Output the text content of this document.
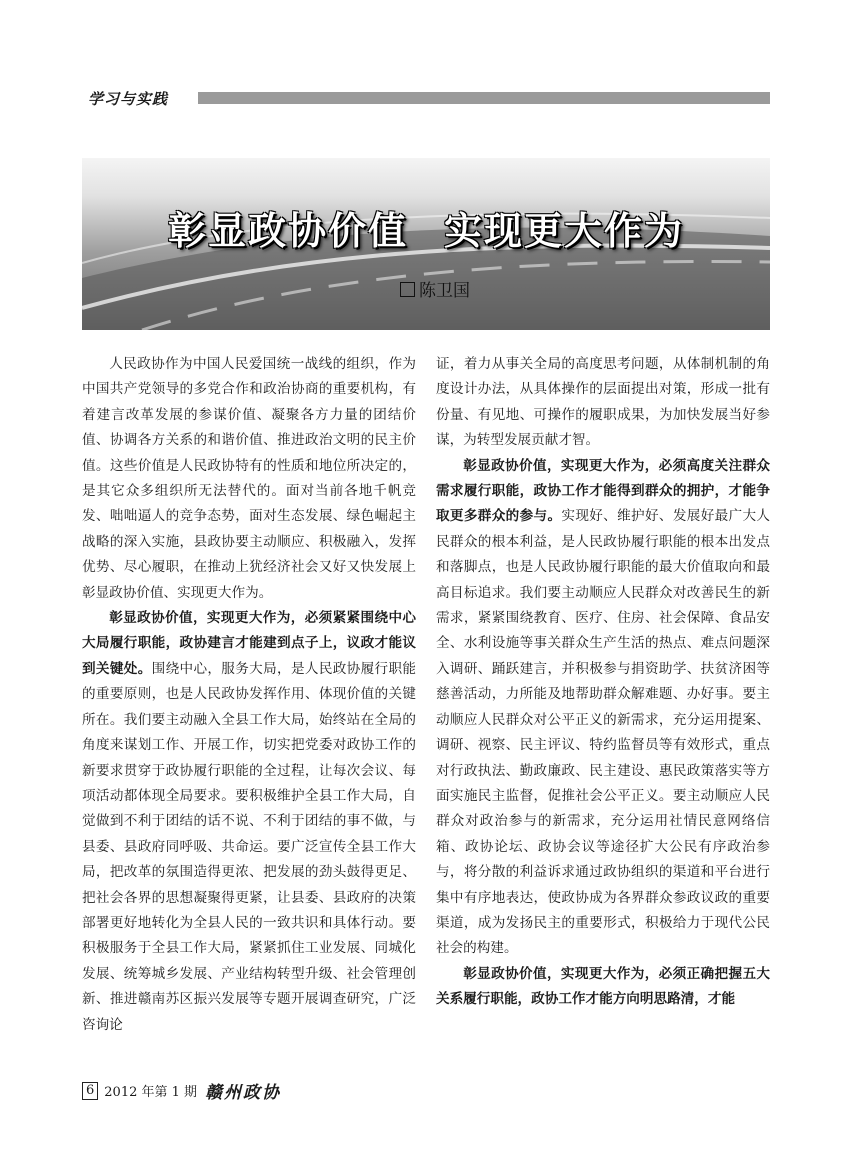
学习与实践
彰显政协价值 实现更大作为
陈卫国

人民政协作为中国人民爱国统一战线的组织，作为中国共产党领导的多党合作和政治协商的重要机构，有着建言改革发展的参谋价值、凝聚各方力量的团结价值、协调各方关系的和谐价值、推进政治文明的民主价值。这些价值是人民政协特有的性质和地位所决定的，是其它众多组织所无法替代的。面对当前各地千帆竞发、咄咄逼人的竞争态势，面对生态发展、绿色崛起主战略的深入实施，县政协要主动顺应、积极融入，发挥优势、尽心履职，在推动上犹经济社会又好又快发展上彰显政协价值、实现更大作为。

彰显政协价值，实现更大作为，必须紧紧围绕中心大局履行职能，政协建言才能建到点子上，议政才能议到关键处。围绕中心，服务大局，是人民政协履行职能的重要原则，也是人民政协发挥作用、体现价值的关键所在。我们要主动融入全县工作大局，始终站在全局的角度来谋划工作、开展工作，切实把党委对政协工作的新要求贯穿于政协履行职能的全过程，让每次会议、每项活动都体现全局要求。要积极维护全县工作大局，自觉做到不利于团结的话不说、不利于团结的事不做，与县委、县政府同呼吸、共命运。要广泛宣传全县工作大局，把改革的氛围造得更浓、把发展的劲头鼓得更足、把社会各界的思想凝聚得更紧，让县委、县政府的决策部署更好地转化为全县人民的一致共识和具体行动。要积极服务于全县工作大局，紧紧抓住工业发展、同城化发展、统筹城乡发展、产业结构转型升级、社会管理创新、推进赣南苏区振兴发展等专题开展调查研究，广泛咨询论

证，着力从事关全局的高度思考问题，从体制机制的角度设计办法，从具体操作的层面提出对策，形成一批有份量、有见地、可操作的履职成果，为加快发展当好参谋，为转型发展贡献才智。

彰显政协价值，实现更大作为，必须高度关注群众需求履行职能，政协工作才能得到群众的拥护，才能争取更多群众的参与。实现好、维护好、发展好最广大人民群众的根本利益，是人民政协履行职能的根本出发点和落脚点，也是人民政协履行职能的最大价值取向和最高目标追求。我们要主动顺应人民群众对改善民生的新需求，紧紧围绕教育、医疗、住房、社会保障、食品安全、水利设施等事关群众生产生活的热点、难点问题深入调研、踊跃建言，并积极参与捐资助学、扶贫济困等慈善活动，力所能及地帮助群众解难题、办好事。要主动顺应人民群众对公平正义的新需求，充分运用提案、调研、视察、民主评议、特约监督员等有效形式，重点对行政执法、勤政廉政、民主建设、惠民政策落实等方面实施民主监督，促推社会公平正义。要主动顺应人民群众对政治参与的新需求，充分运用社情民意网络信箱、政协论坛、政协会议等途径扩大公民有序政治参与，将分散的利益诉求通过政协组织的渠道和平台进行集中有序地表达，使政协成为各界群众参政议政的重要渠道，成为发扬民主的重要形式，积极给力于现代公民社会的构建。

彰显政协价值，实现更大作为，必须正确把握五大关系履行职能，政协工作才能方向明思路清，才能

6 2012 年第 1 期 赣州政协
